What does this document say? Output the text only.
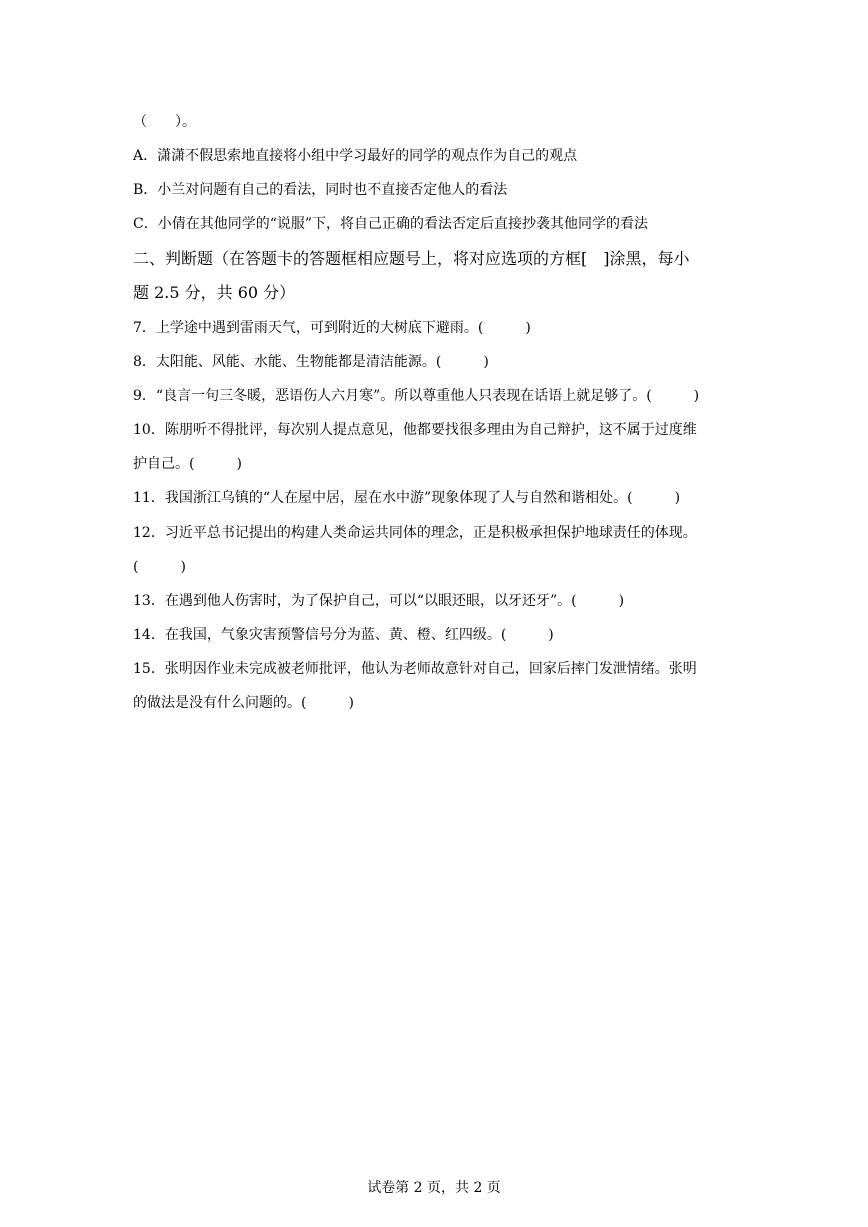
（　　）。
A．潇潇不假思索地直接将小组中学习最好的同学的观点作为自己的观点
B．小兰对问题有自己的看法，同时也不直接否定他人的看法
C．小倩在其他同学的“说服”下，将自己正确的看法否定后直接抄袭其他同学的看法
二、判断题（在答题卡的答题框相应题号上，将对应选项的方框[　]涂黑，每小
题 2.5 分，共 60 分）
7．上学途中遇到雷雨天气，可到附近的大树底下避雨。(　　　)
8．太阳能、风能、水能、生物能都是清洁能源。(　　　)
9．“良言一句三冬暖，恶语伤人六月寒”。所以尊重他人只表现在话语上就足够了。(　　　)
10．陈朋听不得批评，每次别人提点意见，他都要找很多理由为自己辩护，这不属于过度维
护自己。(　　　)
11．我国浙江乌镇的“人在屋中居，屋在水中游”现象体现了人与自然和谐相处。(　　　)
12．习近平总书记提出的构建人类命运共同体的理念，正是积极承担保护地球责任的体现。
(　　　)
13．在遇到他人伤害时，为了保护自己，可以“以眼还眼，以牙还牙”。(　　　)
14．在我国，气象灾害预警信号分为蓝、黄、橙、红四级。(　　　)
15．张明因作业未完成被老师批评，他认为老师故意针对自己，回家后摔门发泄情绪。张明
的做法是没有什么问题的。(　　　)
试卷第 2 页，共 2 页
